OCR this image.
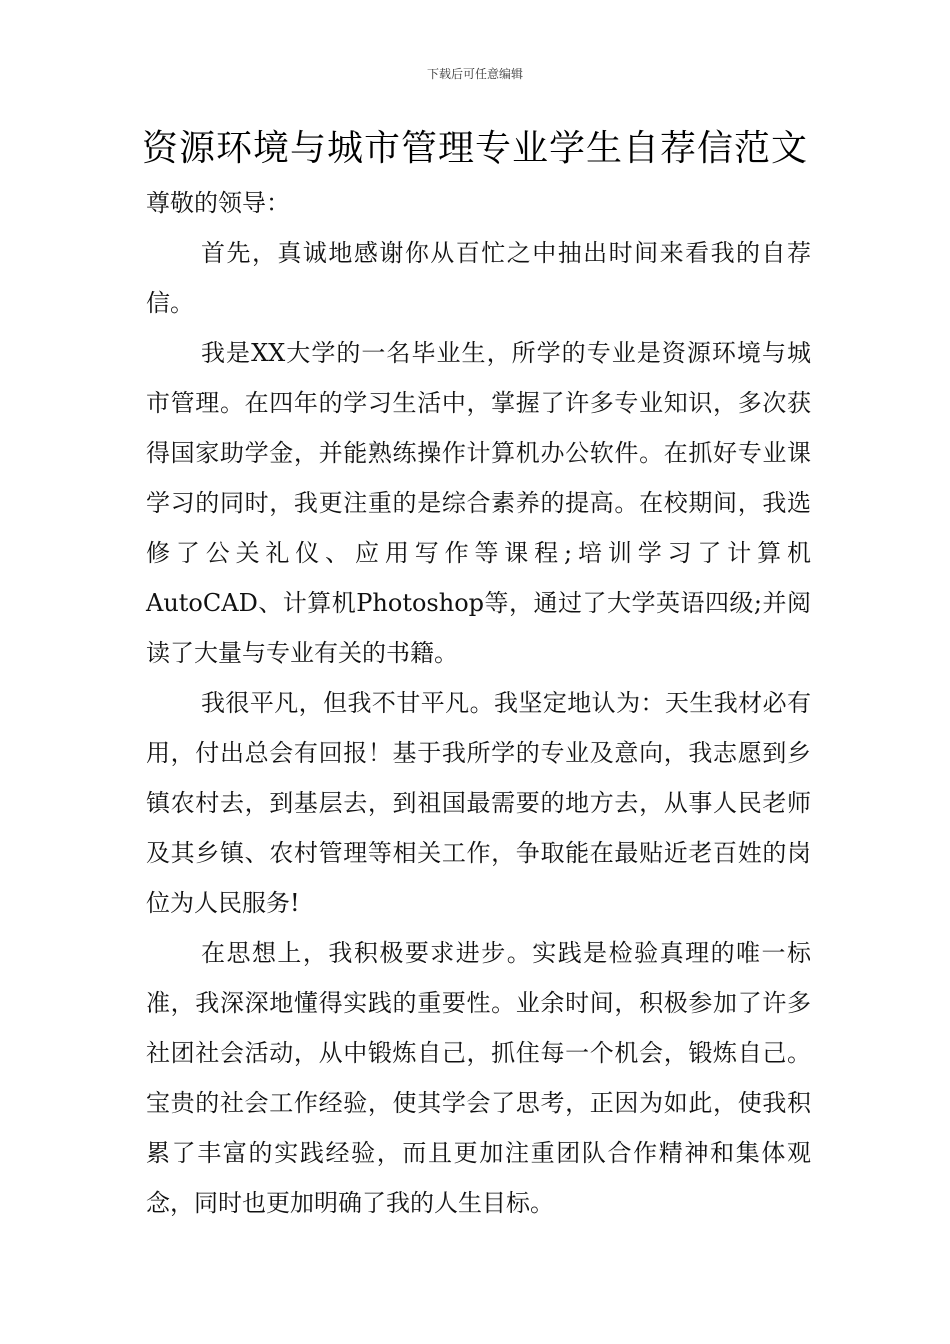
下载后可任意编辑
资源环境与城市管理专业学生自荐信范文

尊敬的领导：

首先，真诚地感谢你从百忙之中抽出时间来看我的自荐信。

我是XX大学的一名毕业生，所学的专业是资源环境与城市管理。在四年的学习生活中，掌握了许多专业知识，多次获得国家助学金，并能熟练操作计算机办公软件。在抓好专业课学习的同时，我更注重的是综合素养的提高。在校期间，我选修了公关礼仪、应用写作等课程;培训学习了计算机AutoCAD、计算机Photoshop等，通过了大学英语四级;并阅读了大量与专业有关的书籍。

我很平凡，但我不甘平凡。我坚定地认为：天生我材必有用，付出总会有回报！基于我所学的专业及意向，我志愿到乡镇农村去，到基层去，到祖国最需要的地方去，从事人民老师及其乡镇、农村管理等相关工作，争取能在最贴近老百姓的岗位为人民服务!

在思想上，我积极要求进步。实践是检验真理的唯一标准，我深深地懂得实践的重要性。业余时间，积极参加了许多社团社会活动，从中锻炼自己，抓住每一个机会，锻炼自己。宝贵的社会工作经验，使其学会了思考，正因为如此，使我积累了丰富的实践经验，而且更加注重团队合作精神和集体观念，同时也更加明确了我的人生目标。
